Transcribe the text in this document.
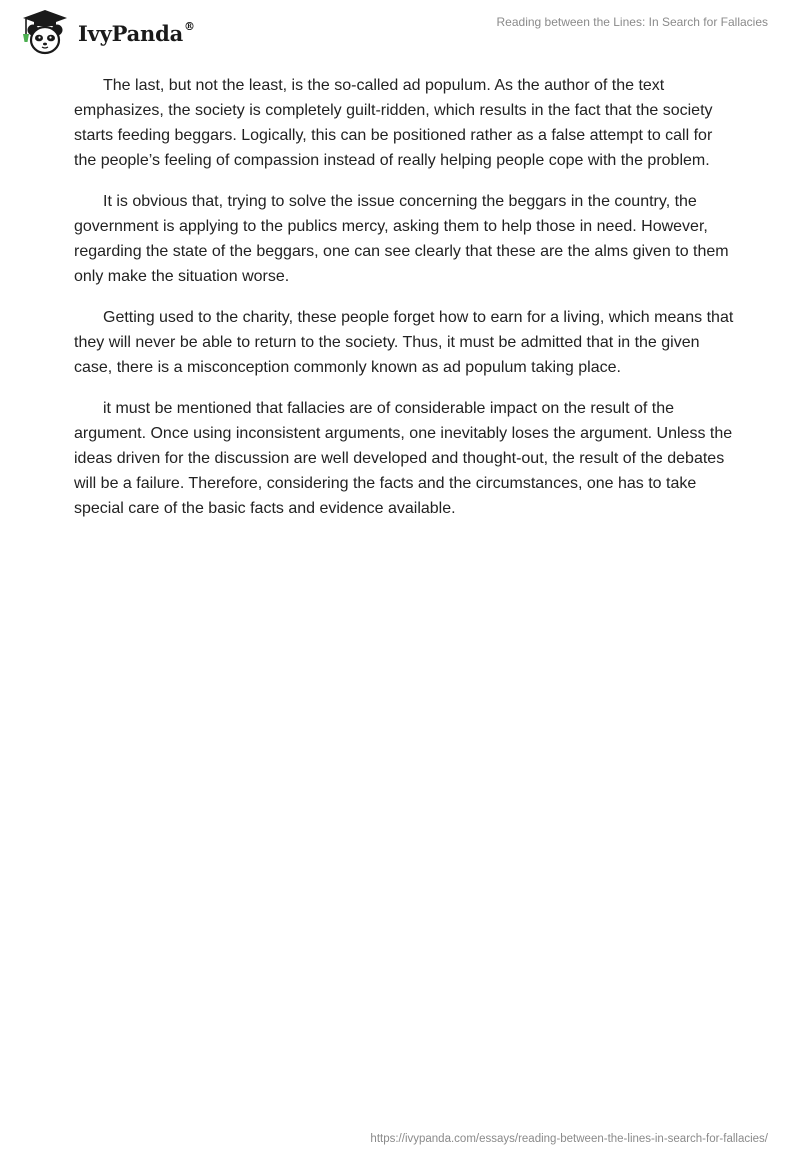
IvyPanda®	Reading between the Lines: In Search for Fallacies

The last, but not the least, is the so-called ad populum. As the author of the text emphasizes, the society is completely guilt-ridden, which results in the fact that the society starts feeding beggars. Logically, this can be positioned rather as a false attempt to call for the people’s feeling of compassion instead of really helping people cope with the problem.

It is obvious that, trying to solve the issue concerning the beggars in the country, the government is applying to the publics mercy, asking them to help those in need. However, regarding the state of the beggars, one can see clearly that these are the alms given to them only make the situation worse.

Getting used to the charity, these people forget how to earn for a living, which means that they will never be able to return to the society. Thus, it must be admitted that in the given case, there is a misconception commonly known as ad populum taking place.

it must be mentioned that fallacies are of considerable impact on the result of the argument. Once using inconsistent arguments, one inevitably loses the argument. Unless the ideas driven for the discussion are well developed and thought-out, the result of the debates will be a failure. Therefore, considering the facts and the circumstances, one has to take special care of the basic facts and evidence available.

https://ivypanda.com/essays/reading-between-the-lines-in-search-for-fallacies/
